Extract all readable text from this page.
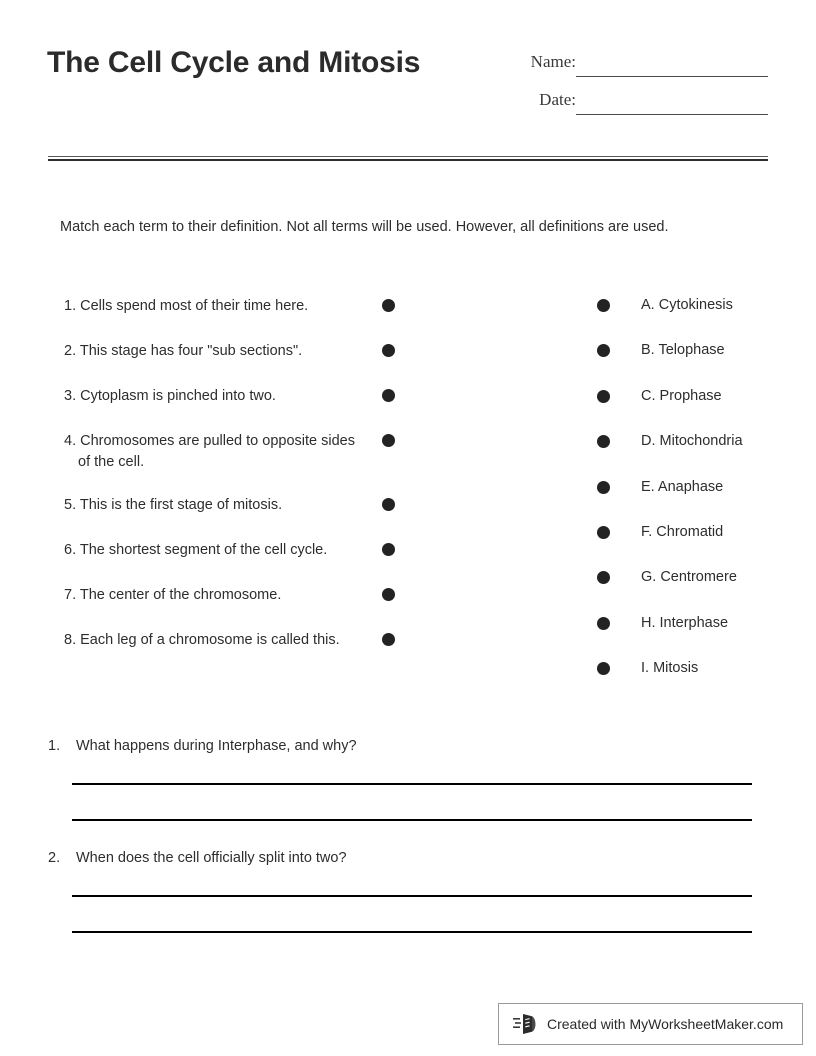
The Cell Cycle and Mitosis	Name:
Date:
Match each term to their definition. Not all terms will be used. However, all definitions are used.
1. Cells spend most of their time here.
2. This stage has four "sub sections".
3. Cytoplasm is pinched into two.
4. Chromosomes are pulled to opposite sides of the cell.
5. This is the first stage of mitosis.
6. The shortest segment of the cell cycle.
7. The center of the chromosome.
8. Each leg of a chromosome is called this.
A. Cytokinesis
B. Telophase
C. Prophase
D. Mitochondria
E. Anaphase
F. Chromatid
G. Centromere
H. Interphase
I. Mitosis
1. What happens during Interphase, and why?
2. When does the cell officially split into two?
Created with MyWorksheetMaker.com
